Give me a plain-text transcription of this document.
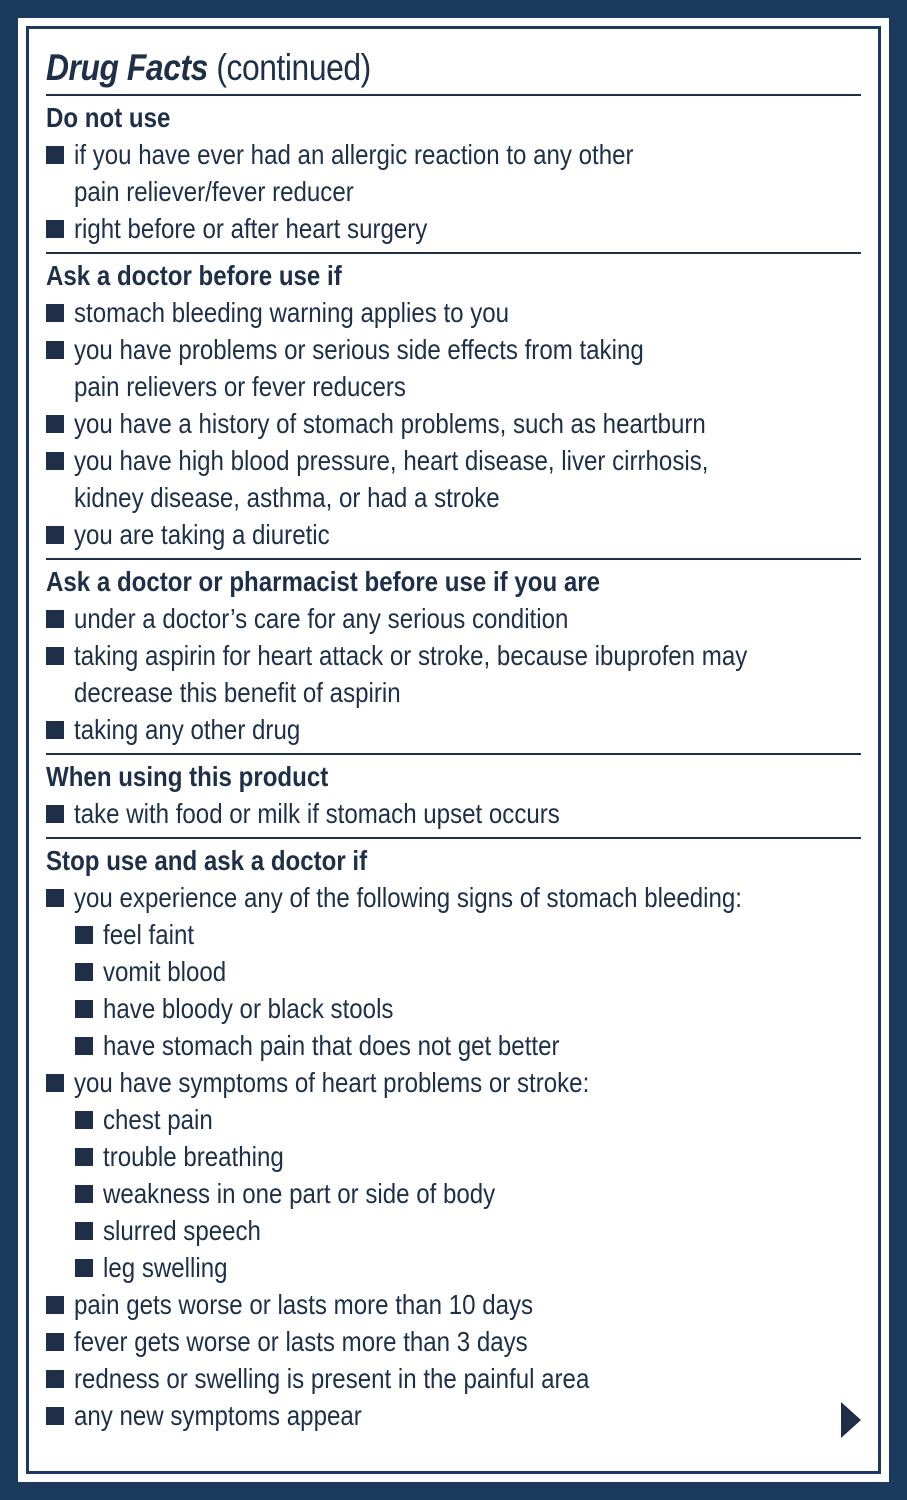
Drug Facts (continued)
Do not use
if you have ever had an allergic reaction to any other
pain reliever/fever reducer
right before or after heart surgery
Ask a doctor before use if
stomach bleeding warning applies to you
you have problems or serious side effects from taking
pain relievers or fever reducers
you have a history of stomach problems, such as heartburn
you have high blood pressure, heart disease, liver cirrhosis,
kidney disease, asthma, or had a stroke
you are taking a diuretic
Ask a doctor or pharmacist before use if you are
under a doctor’s care for any serious condition
taking aspirin for heart attack or stroke, because ibuprofen may
decrease this benefit of aspirin
taking any other drug
When using this product
take with food or milk if stomach upset occurs
Stop use and ask a doctor if
you experience any of the following signs of stomach bleeding:
feel faint
vomit blood
have bloody or black stools
have stomach pain that does not get better
you have symptoms of heart problems or stroke:
chest pain
trouble breathing
weakness in one part or side of body
slurred speech
leg swelling
pain gets worse or lasts more than 10 days
fever gets worse or lasts more than 3 days
redness or swelling is present in the painful area
any new symptoms appear
